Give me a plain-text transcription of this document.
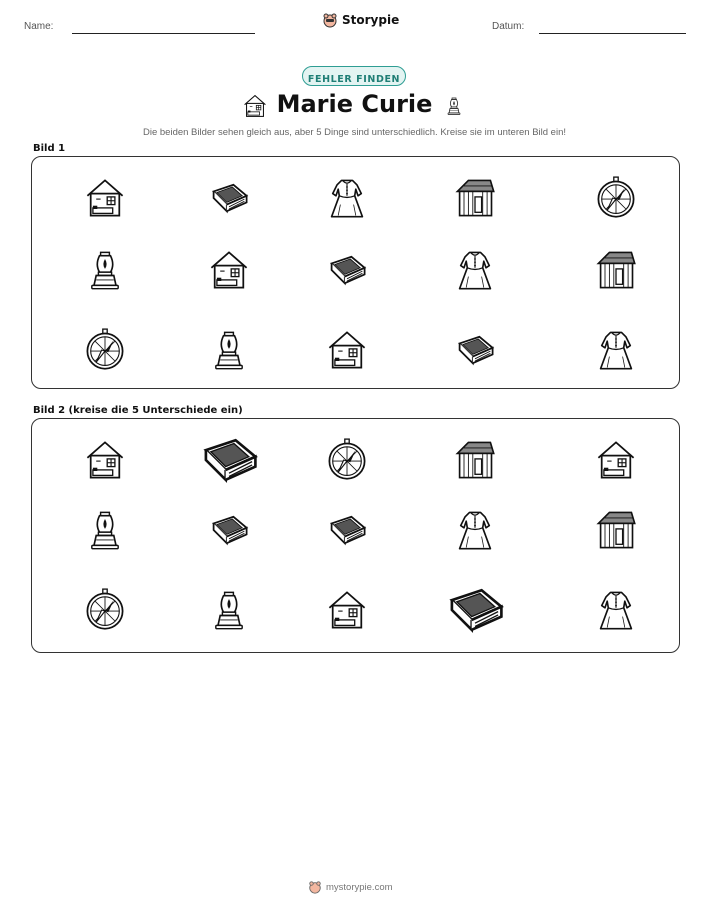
Name:	Storypie	Datum:
FEHLER FINDEN
Marie Curie
Die beiden Bilder sehen gleich aus, aber 5 Dinge sind unterschiedlich. Kreise sie im unteren Bild ein!
Bild 1
Bild 2 (kreise die 5 Unterschiede ein)
mystorypie.com
